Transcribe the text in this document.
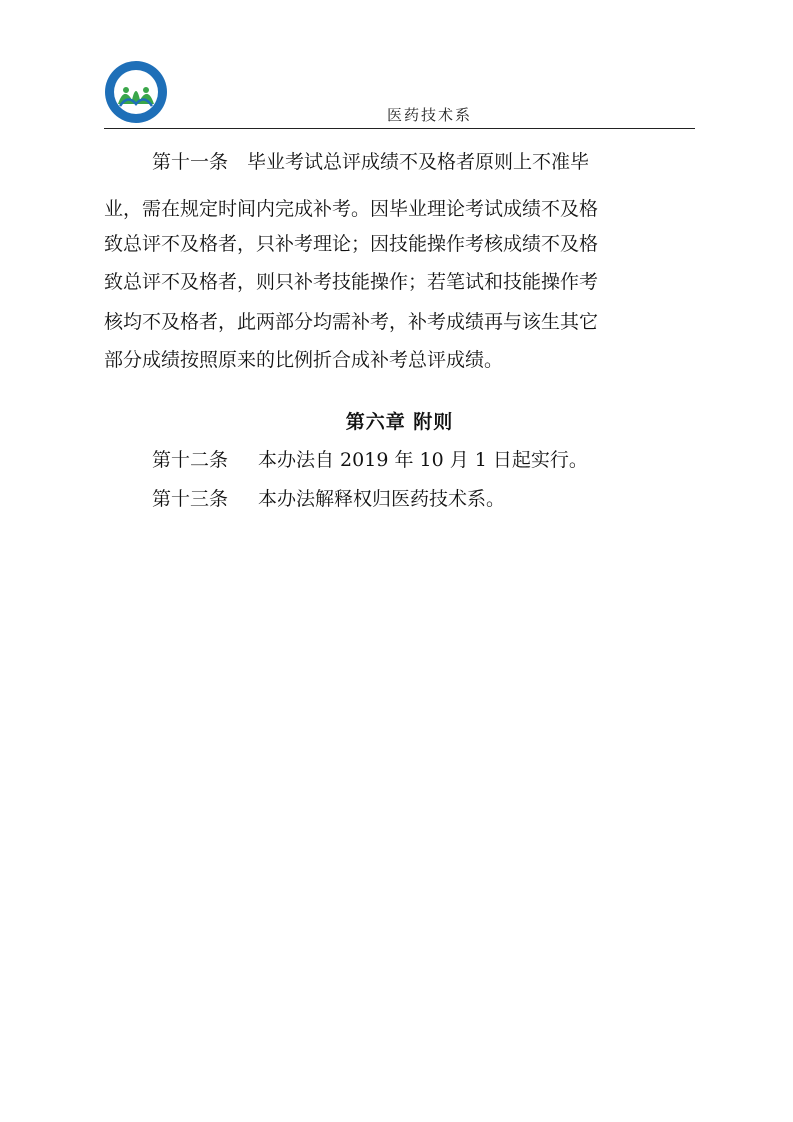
医药技术系
第十一条　毕业考试总评成绩不及格者原则上不准毕
业，需在规定时间内完成补考。因毕业理论考试成绩不及格
致总评不及格者，只补考理论；因技能操作考核成绩不及格
致总评不及格者，则只补考技能操作；若笔试和技能操作考
核均不及格者，此两部分均需补考，补考成绩再与该生其它
部分成绩按照原来的比例折合成补考总评成绩。
第六章 附则
第十二条 本办法自 2019 年 10 月 1 日起实行。
第十三条 本办法解释权归医药技术系。
